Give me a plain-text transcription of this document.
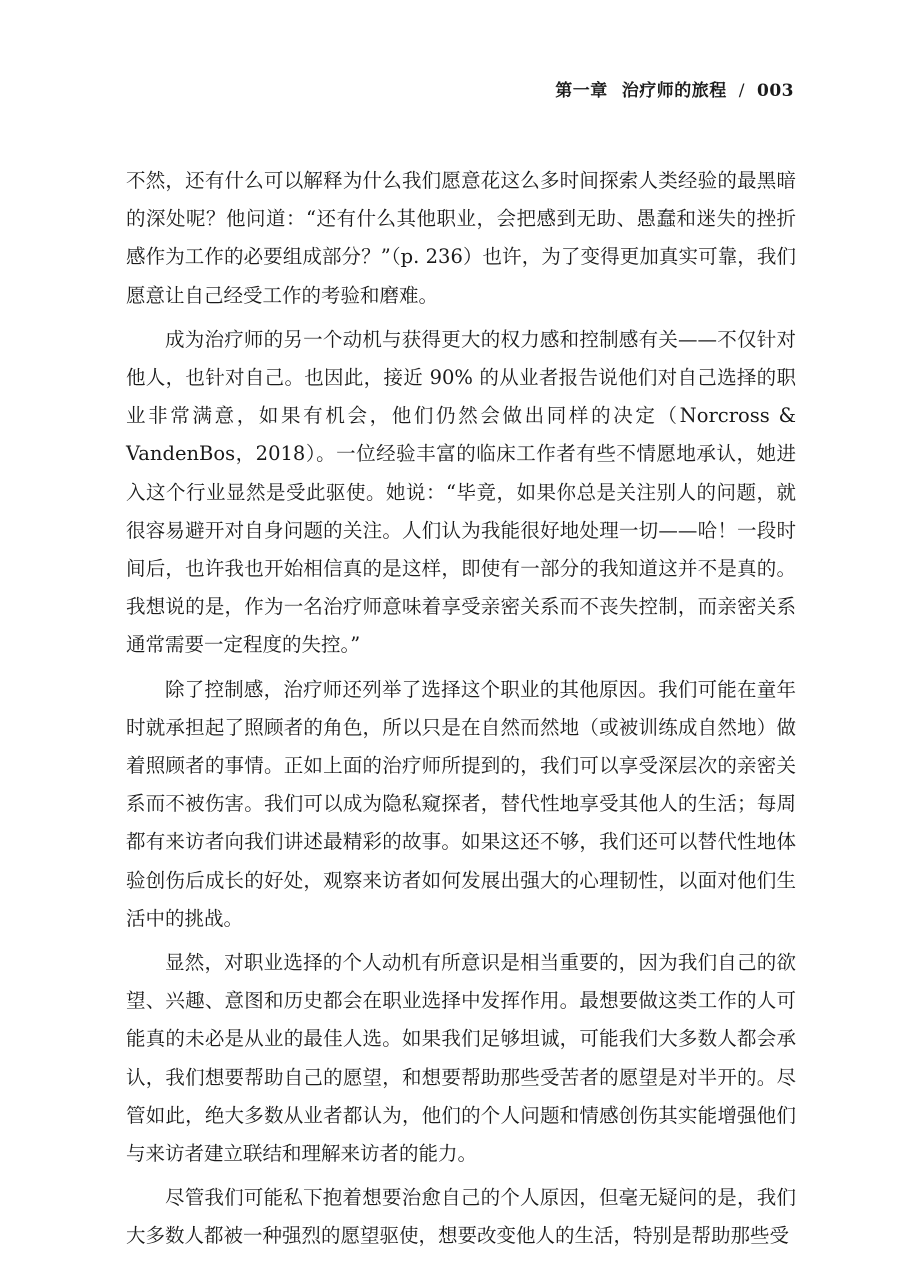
第一章 治疗师的旅程 / 003

不然，还有什么可以解释为什么我们愿意花这么多时间探索人类经验的最黑暗的深处呢？他问道：“还有什么其他职业，会把感到无助、愚蠢和迷失的挫折感作为工作的必要组成部分？”（p. 236）也许，为了变得更加真实可靠，我们愿意让自己经受工作的考验和磨难。

成为治疗师的另一个动机与获得更大的权力感和控制感有关——不仅针对他人，也针对自己。也因此，接近 90% 的从业者报告说他们对自己选择的职业非常满意，如果有机会，他们仍然会做出同样的决定（Norcross & VandenBos，2018）。一位经验丰富的临床工作者有些不情愿地承认，她进入这个行业显然是受此驱使。她说：“毕竟，如果你总是关注别人的问题，就很容易避开对自身问题的关注。人们认为我能很好地处理一切——哈！一段时间后，也许我也开始相信真的是这样，即使有一部分的我知道这并不是真的。我想说的是，作为一名治疗师意味着享受亲密关系而不丧失控制，而亲密关系通常需要一定程度的失控。”

除了控制感，治疗师还列举了选择这个职业的其他原因。我们可能在童年时就承担起了照顾者的角色，所以只是在自然而然地（或被训练成自然地）做着照顾者的事情。正如上面的治疗师所提到的，我们可以享受深层次的亲密关系而不被伤害。我们可以成为隐私窥探者，替代性地享受其他人的生活；每周都有来访者向我们讲述最精彩的故事。如果这还不够，我们还可以替代性地体验创伤后成长的好处，观察来访者如何发展出强大的心理韧性，以面对他们生活中的挑战。

显然，对职业选择的个人动机有所意识是相当重要的，因为我们自己的欲望、兴趣、意图和历史都会在职业选择中发挥作用。最想要做这类工作的人可能真的未必是从业的最佳人选。如果我们足够坦诚，可能我们大多数人都会承认，我们想要帮助自己的愿望，和想要帮助那些受苦者的愿望是对半开的。尽管如此，绝大多数从业者都认为，他们的个人问题和情感创伤其实能增强他们与来访者建立联结和理解来访者的能力。

尽管我们可能私下抱着想要治愈自己的个人原因，但毫无疑问的是，我们大多数人都被一种强烈的愿望驱使，想要改变他人的生活，特别是帮助那些受
